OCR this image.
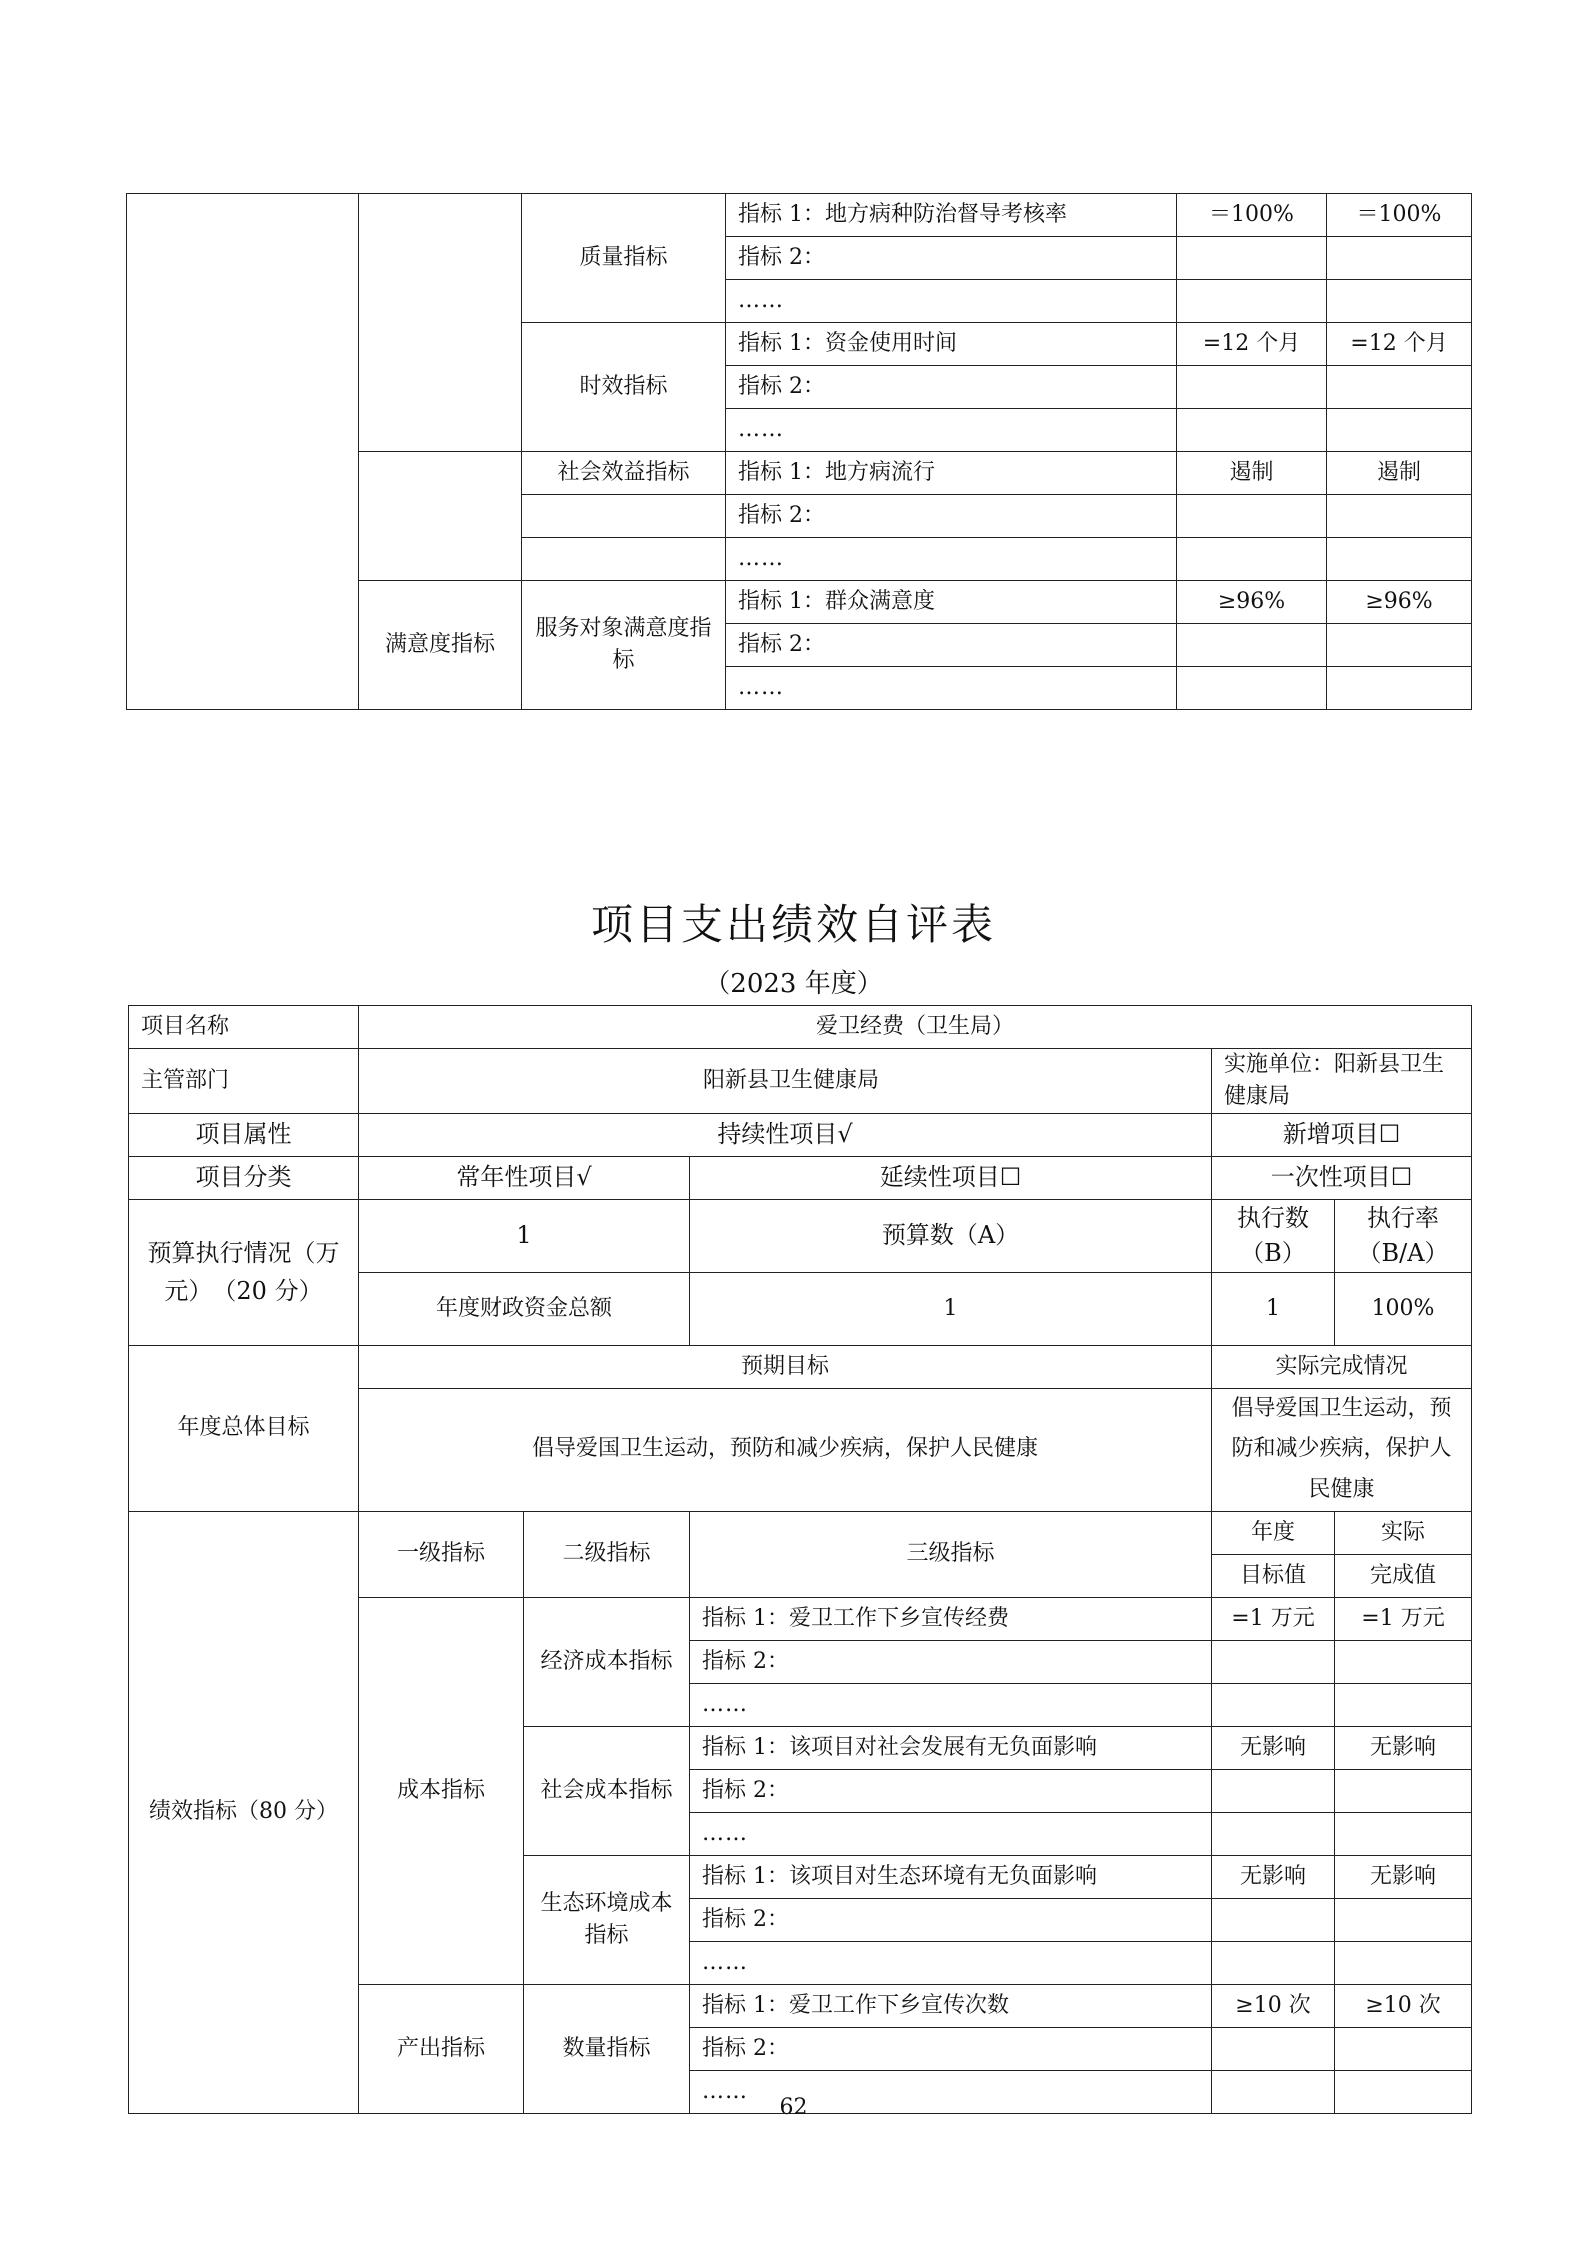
		质量指标	指标 1：地方病种防治督导考核率	＝100%	＝100%
			指标 2：		
			……		
		时效指标	指标 1：资金使用时间	=12 个月	=12 个月
			指标 2：		
			……		
		社会效益指标	指标 1：地方病流行	遏制	遏制
			指标 2：		
			……		
	满意度指标	服务对象满意度指标	指标 1：群众满意度	≥96%	≥96%
			指标 2：		
			……		
项目支出绩效自评表
（2023 年度）
项目名称	爱卫经费（卫生局）				
主管部门	阳新县卫生健康局			实施单位：阳新县卫生健康局	
项目属性	持续性项目√			新增项目☐	
项目分类	常年性项目√		延续性项目☐	一次性项目☐	
预算执行情况（万元）　（20 分）	1		预算数（A）	执行数（B）	执行率（B/A）
	年度财政资金总额		1	1	100%
年度总体目标	预期目标			实际完成情况	
	倡导爱国卫生运动，预防和减少疾病，保护人民健康			倡导爱国卫生运动，预防和减少疾病，保护人民健康	
绩效指标（80 分）	一级指标	二级指标	三级指标	年度	实际
				目标值	完成值
	成本指标	经济成本指标	指标 1：爱卫工作下乡宣传经费	=1 万元	=1 万元
			指标 2：		
			……		
		社会成本指标	指标 1：该项目对社会发展有无负面影响	无影响	无影响
			指标 2：		
			……		
		生态环境成本指标	指标 1：该项目对生态环境有无负面影响	无影响	无影响
			指标 2：		
			……		
	产出指标	数量指标	指标 1：爱卫工作下乡宣传次数	≥10 次	≥10 次
			指标 2：		
			……		
62
